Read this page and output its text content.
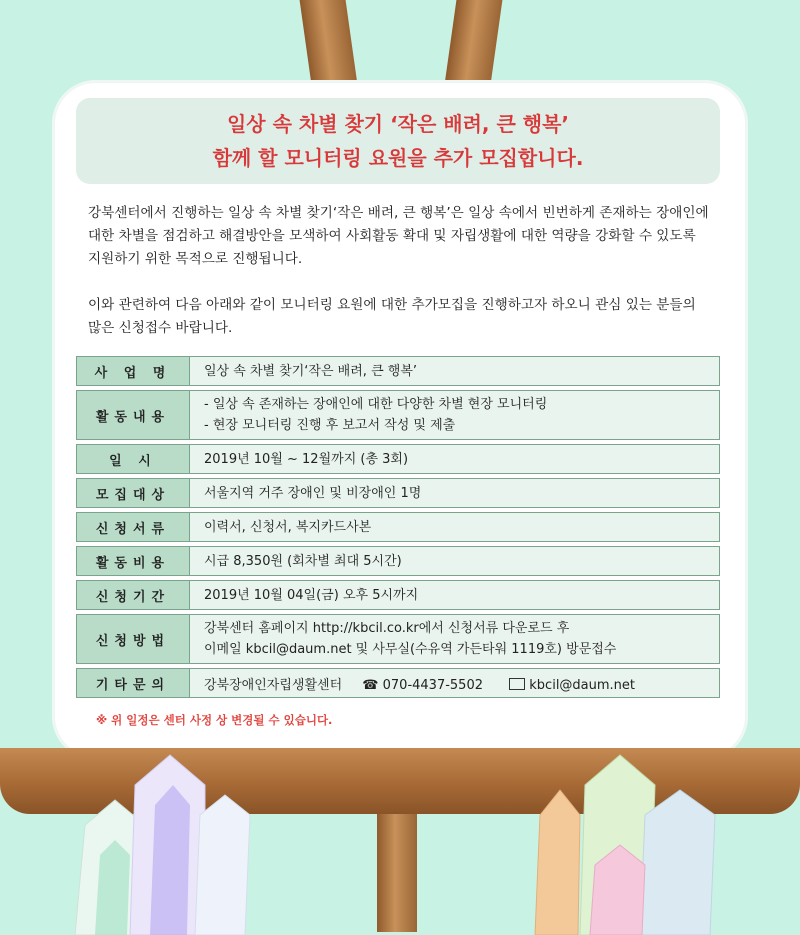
일상 속 차별 찾기 ‘작은 배려, 큰 행복’
함께 할 모니터링 요원을 추가 모집합니다.

강북센터에서 진행하는 일상 속 차별 찾기‘작은 배려, 큰 행복’은 일상 속에서 빈번하게 존재하는 장애인에 대한 차별을 점검하고 해결방안을 모색하여 사회활동 확대 및 자립생활에 대한 역량을 강화할 수 있도록 지원하기 위한 목적으로 진행됩니다.

이와 관련하여 다음 아래와 같이 모니터링 요원에 대한 추가모집을 진행하고자 하오니 관심 있는 분들의 많은 신청접수 바랍니다.

사 업 명	일상 속 차별 찾기‘작은 배려, 큰 행복’

활동내용	- 일상 속 존재하는 장애인에 대한 다양한 차별 현장 모니터링
- 현장 모니터링 진행 후 보고서 작성 및 제출

일 시	2019년 10월 ~ 12월까지 (총 3회)

모집대상	서울지역 거주 장애인 및 비장애인 1명

신청서류	이력서, 신청서, 복지카드사본

활동비용	시급 8,350원 (회차별 최대 5시간)

신청기간	2019년 10월 04일(금) 오후 5시까지

신청방법	강북센터 홈페이지 http://kbcil.co.kr에서 신청서류 다운로드 후
이메일 kbcil@daum.net 및 사무실(수유역 가든타워 1119호) 방문접수

기타문의	강북장애인자립생활센터 ☎ 070-4437-5502 kbcil@daum.net
※ 위 일정은 센터 사정 상 변경될 수 있습니다.
